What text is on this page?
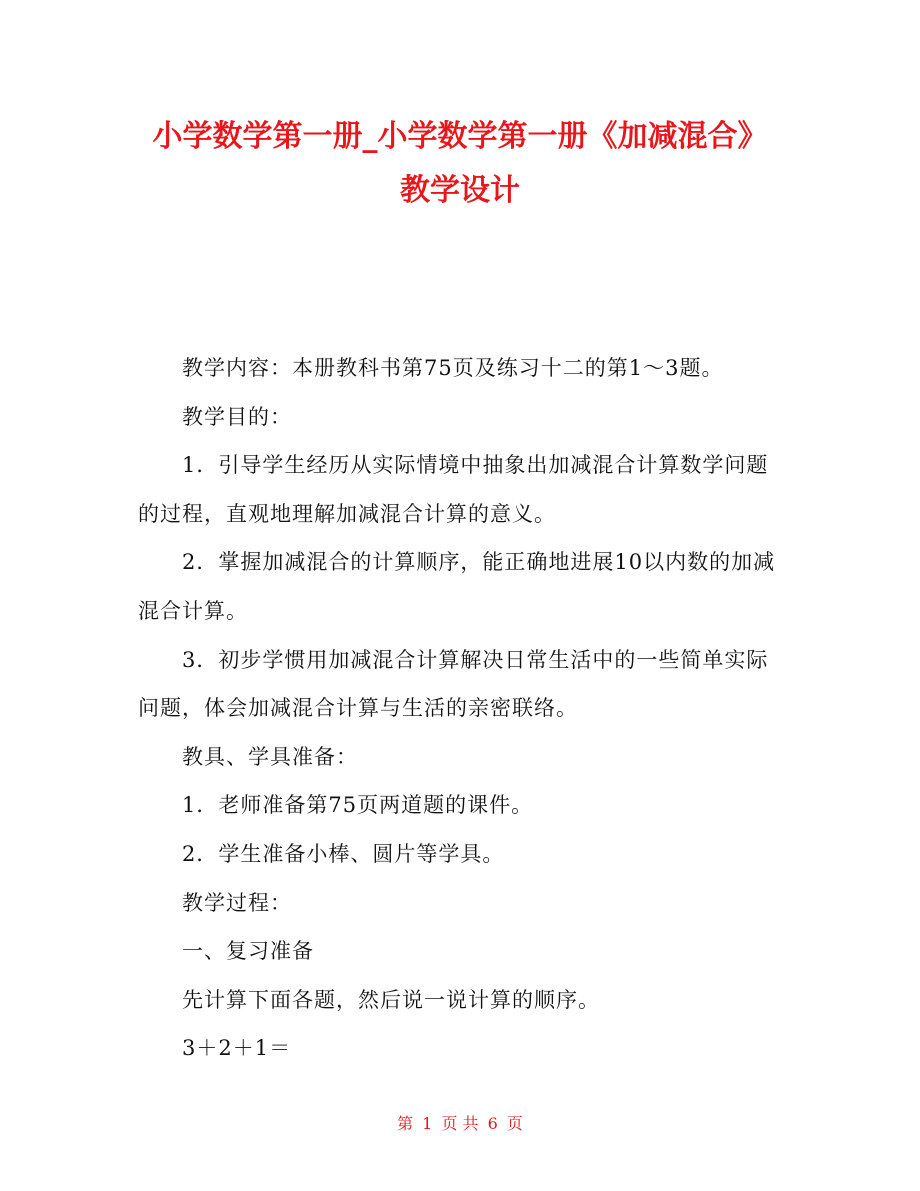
小学数学第一册_小学数学第一册《加减混合》
教学设计

教学内容：本册教科书第75页及练习十二的第1～3题。

教学目的：

1．引导学生经历从实际情境中抽象出加减混合计算数学问题的过程，直观地理解加减混合计算的意义。

2．掌握加减混合的计算顺序，能正确地进展10以内数的加减混合计算。

3．初步学惯用加减混合计算解决日常生活中的一些简单实际问题，体会加减混合计算与生活的亲密联络。

教具、学具准备：

1．老师准备第75页两道题的课件。

2．学生准备小棒、圆片等学具。

教学过程：

一、复习准备

先计算下面各题，然后说一说计算的顺序。

3＋2＋1＝

第 1 页 共 6 页
